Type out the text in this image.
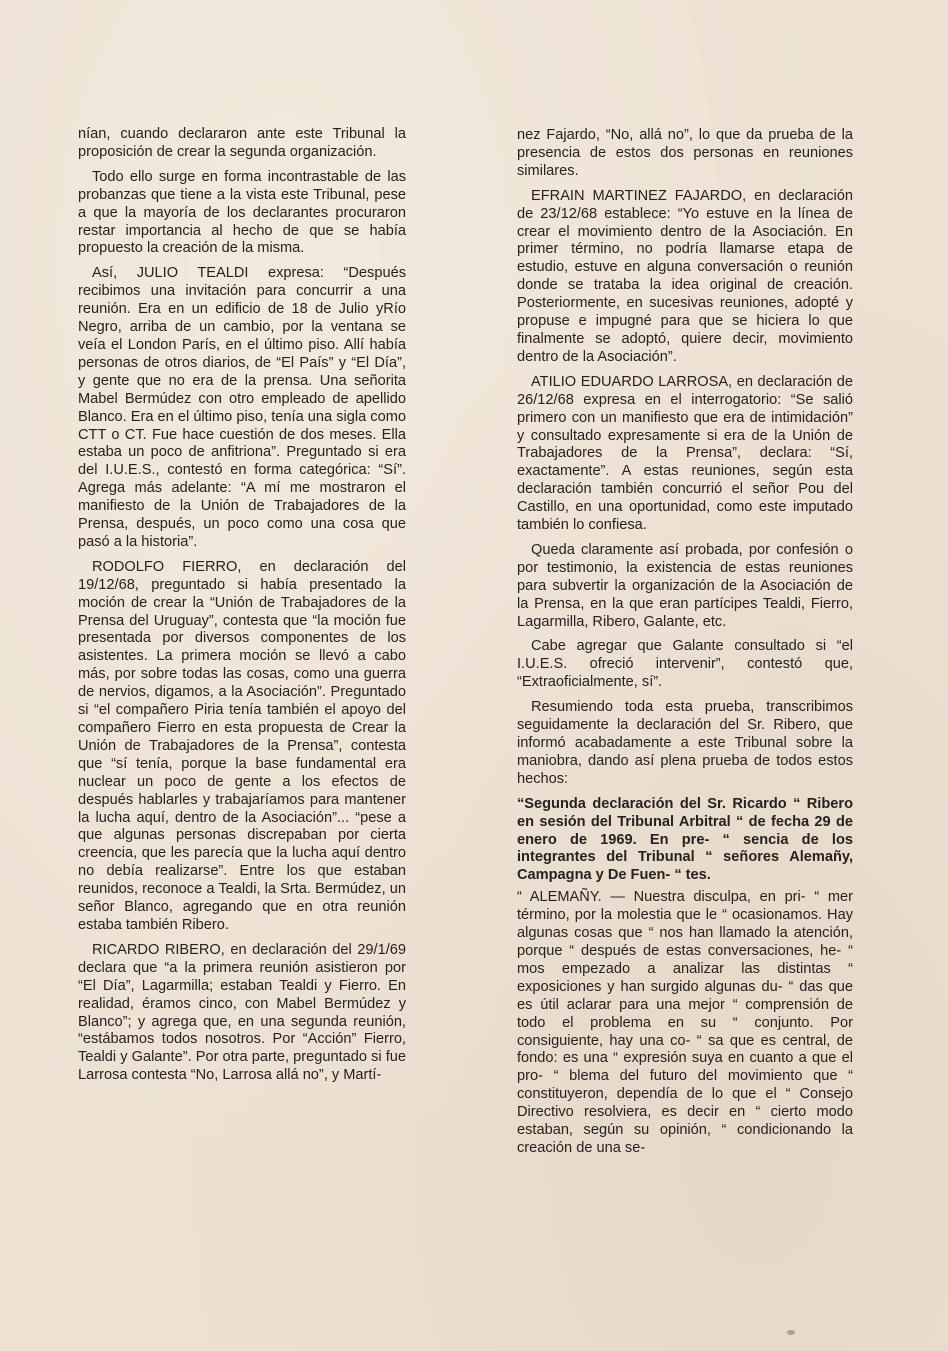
nían, cuando declararon ante este Tribunal la proposición de crear la segunda organización.

Todo ello surge en forma incontrastable de las probanzas que tiene a la vista este Tribunal, pese a que la mayoría de los declarantes procuraron restar importancia al hecho de que se había propuesto la creación de la misma.

Así, JULIO TEALDI expresa: “Después recibimos una invitación para concurrir a una reunión. Era en un edificio de 18 de Julio yRío Negro, arriba de un cambio, por la ventana se veía el London París, en el último piso. Allí había personas de otros diarios, de “El País” y “El Día”, y gente que no era de la prensa. Una señorita Mabel Bermúdez con otro empleado de apellido Blanco. Era en el último piso, tenía una sigla como CTT o CT. Fue hace cuestión de dos meses. Ella estaba un poco de anfitriona”. Preguntado si era del I.U.E.S., contestó en forma categórica: “Sí”. Agrega más adelante: “A mí me mostraron el manifiesto de la Unión de Trabajadores de la Prensa, después, un poco como una cosa que pasó a la historia”.

RODOLFO FIERRO, en declaración del 19/12/68, preguntado si había presentado la moción de crear la “Unión de Trabajadores de la Prensa del Uruguay”, contesta que “la moción fue presentada por diversos componentes de los asistentes. La primera moción se llevó a cabo más, por sobre todas las cosas, como una guerra de nervios, digamos, a la Asociación”. Preguntado si “el compañero Piria tenía también el apoyo del compañero Fierro en esta propuesta de Crear la Unión de Trabajadores de la Prensa”, contesta que “sí tenía, porque la base fundamental era nuclear un poco de gente a los efectos de después hablarles y trabajaríamos para mantener la lucha aquí, dentro de la Asociación”... “pese a que algunas personas discrepaban por cierta creencia, que les parecía que la lucha aquí dentro no debía realizarse”. Entre los que estaban reunidos, reconoce a Tealdi, la Srta. Bermúdez, un señor Blanco, agregando que en otra reunión estaba también Ribero.

RICARDO RIBERO, en declaración del 29/1/69 declara que “a la primera reunión asistieron por “El Día”, Lagarmilla; estaban Tealdi y Fierro. En realidad, éramos cinco, con Mabel Bermúdez y Blanco”; y agrega que, en una segunda reunión, “estábamos todos nosotros. Por “Acción” Fierro, Tealdi y Galante”. Por otra parte, preguntado si fue Larrosa contesta “No, Larrosa allá no”, y Martí-

nez Fajardo, “No, allá no”, lo que da prueba de la presencia de estos dos personas en reuniones similares.

EFRAIN MARTINEZ FAJARDO, en declaración de 23/12/68 establece: “Yo estuve en la línea de crear el movimiento dentro de la Asociación. En primer término, no podría llamarse etapa de estudio, estuve en alguna conversación o reunión donde se trataba la idea original de creación. Posteriormente, en sucesivas reuniones, adopté y propuse e impugné para que se hiciera lo que finalmente se adoptó, quiere decir, movimiento dentro de la Asociación”.

ATILIO EDUARDO LARROSA, en declaración de 26/12/68 expresa en el interrogatorio: “Se salió primero con un manifiesto que era de intimidación” y consultado expresamente si era de la Unión de Trabajadores de la Prensa”, declara: “Sí, exactamente”. A estas reuniones, según esta declaración también concurrió el señor Pou del Castillo, en una oportunidad, como este imputado también lo confiesa.

Queda claramente así probada, por confesión o por testimonio, la existencia de estas reuniones para subvertir la organización de la Asociación de la Prensa, en la que eran partícipes Tealdi, Fierro, Lagarmilla, Ribero, Galante, etc.

Cabe agregar que Galante consultado si “el I.U.E.S. ofreció intervenir”, contestó que, “Extraoficialmente, sí”.

Resumiendo toda esta prueba, transcribimos seguidamente la declaración del Sr. Ribero, que informó acabadamente a este Tribunal sobre la maniobra, dando así plena prueba de todos estos hechos:

“Segunda declaración del Sr. Ricardo “ Ribero en sesión del Tribunal Arbitral “ de fecha 29 de enero de 1969. En pre- “ sencia de los integrantes del Tribunal “ señores Alemañy, Campagna y De Fuen- “ tes.

“ ALEMAÑY. — Nuestra disculpa, en pri- “ mer término, por la molestia que le “ ocasionamos. Hay algunas cosas que “ nos han llamado la atención, porque “ después de estas conversaciones, he- “ mos empezado a analizar las distintas “ exposiciones y han surgido algunas du- “ das que es útil aclarar para una mejor “ comprensión de todo el problema en su “ conjunto. Por consiguiente, hay una co- “ sa que es central, de fondo: es una “ expresión suya en cuanto a que el pro- “ blema del futuro del movimiento que “ constituyeron, dependía de lo que el “ Consejo Directivo resolviera, es decir en “ cierto modo estaban, según su opinión, “ condicionando la creación de una se-
